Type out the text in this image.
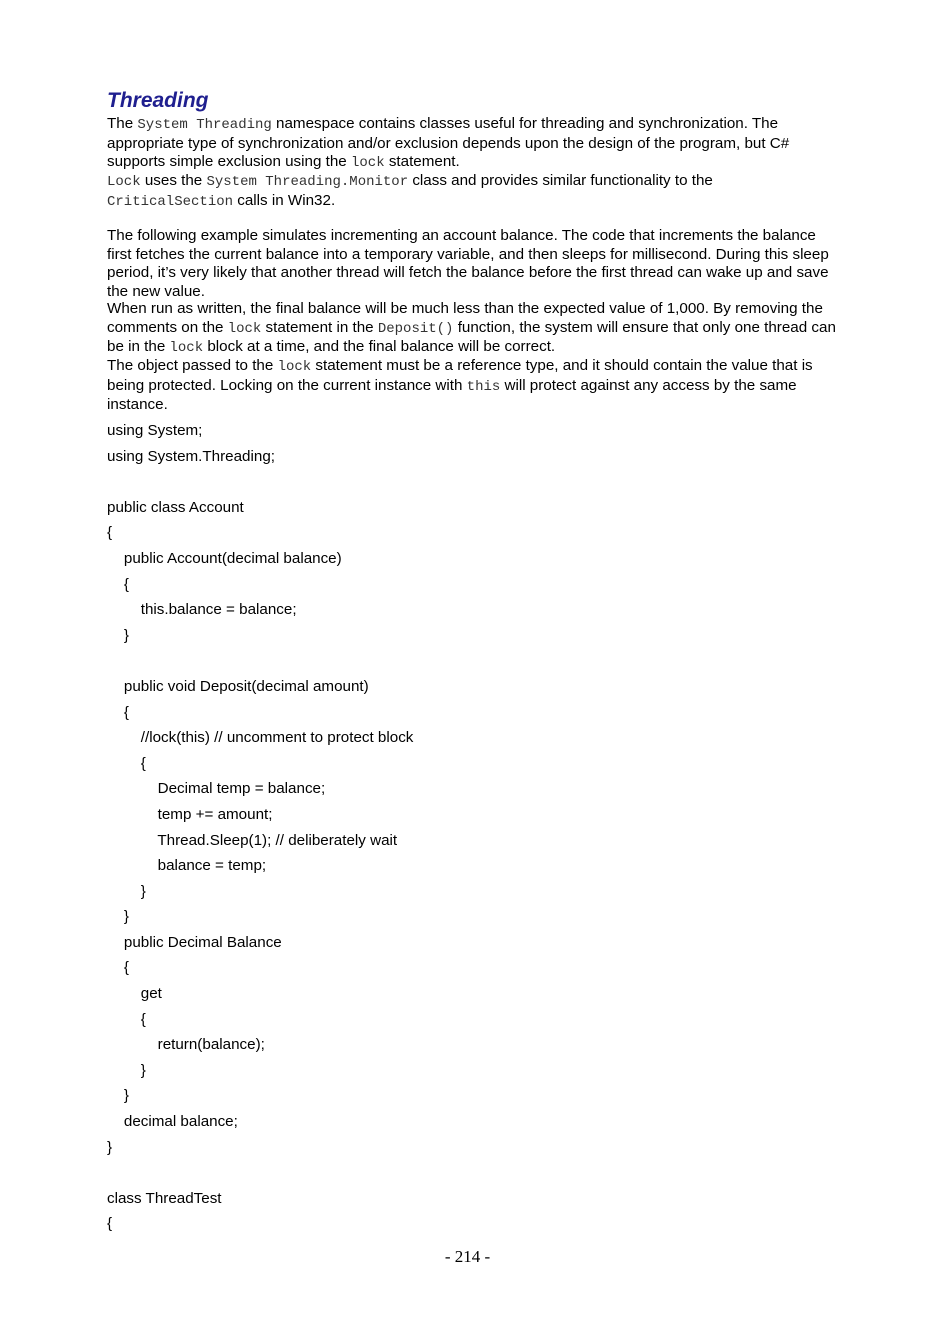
Threading

The System Threading namespace contains classes useful for threading and synchronization. The appropriate type of synchronization and/or exclusion depends upon the design of the program, but C# supports simple exclusion using the lock statement.

Lock uses the System Threading.Monitor class and provides similar functionality to the CriticalSection calls in Win32.

The following example simulates incrementing an account balance. The code that increments the balance first fetches the current balance into a temporary variable, and then sleeps for millisecond. During this sleep period, it’s very likely that another thread will fetch the balance before the first thread can wake up and save the new value.

When run as written, the final balance will be much less than the expected value of 1,000. By removing the comments on the lock statement in the Deposit() function, the system will ensure that only one thread can be in the lock block at a time, and the final balance will be correct.

The object passed to the lock statement must be a reference type, and it should contain the value that is being protected. Locking on the current instance with this will protect against any access by the same instance.

using System;
using System.Threading;
public class Account
{
public Account(decimal balance)
{
this.balance = balance;
}
public void Deposit(decimal amount)
{
//lock(this) // uncomment to protect block
{
Decimal temp = balance;
temp += amount;
Thread.Sleep(1); // deliberately wait
balance = temp;
}
}
public Decimal Balance
{
get
{
return(balance);
}
}
decimal balance;
}
class ThreadTest
{
- 214 -
